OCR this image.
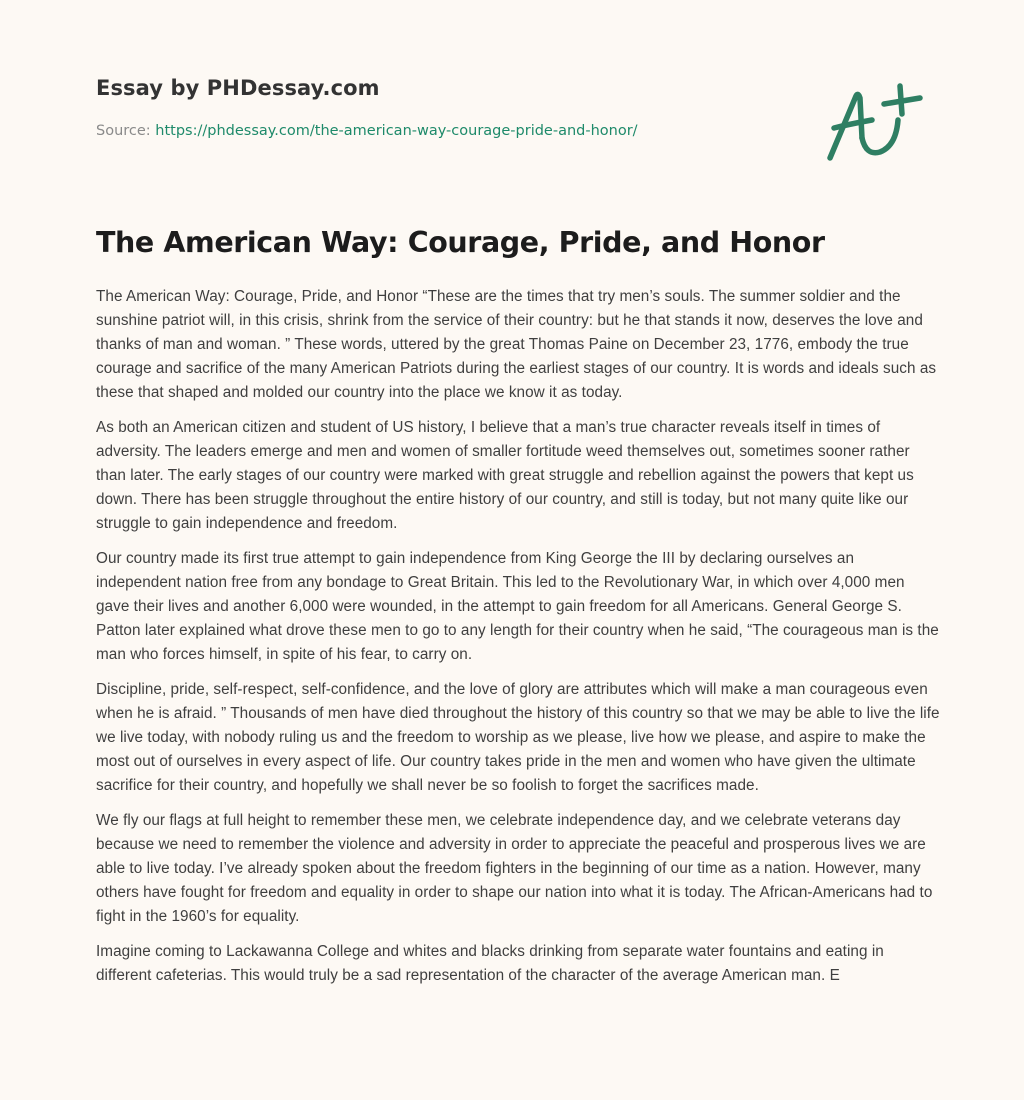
Essay by PHDessay.com
Source: https://phdessay.com/the-american-way-courage-pride-and-honor/
The American Way: Courage, Pride, and Honor

The American Way: Courage, Pride, and Honor “These are the times that try men’s souls. The summer soldier and the sunshine patriot will, in this crisis, shrink from the service of their country: but he that stands it now, deserves the love and thanks of man and woman. ” These words, uttered by the great Thomas Paine on December 23, 1776, embody the true courage and sacrifice of the many American Patriots during the earliest stages of our country. It is words and ideals such as these that shaped and molded our country into the place we know it as today.

As both an American citizen and student of US history, I believe that a man’s true character reveals itself in times of adversity. The leaders emerge and men and women of smaller fortitude weed themselves out, sometimes sooner rather than later. The early stages of our country were marked with great struggle and rebellion against the powers that kept us down. There has been struggle throughout the entire history of our country, and still is today, but not many quite like our struggle to gain independence and freedom.

Our country made its first true attempt to gain independence from King George the III by declaring ourselves an independent nation free from any bondage to Great Britain. This led to the Revolutionary War, in which over 4,000 men gave their lives and another 6,000 were wounded, in the attempt to gain freedom for all Americans. General George S. Patton later explained what drove these men to go to any length for their country when he said, “The courageous man is the man who forces himself, in spite of his fear, to carry on.

Discipline, pride, self-respect, self-confidence, and the love of glory are attributes which will make a man courageous even when he is afraid. ” Thousands of men have died throughout the history of this country so that we may be able to live the life we live today, with nobody ruling us and the freedom to worship as we please, live how we please, and aspire to make the most out of ourselves in every aspect of life. Our country takes pride in the men and women who have given the ultimate sacrifice for their country, and hopefully we shall never be so foolish to forget the sacrifices made.

We fly our flags at full height to remember these men, we celebrate independence day, and we celebrate veterans day because we need to remember the violence and adversity in order to appreciate the peaceful and prosperous lives we are able to live today. I’ve already spoken about the freedom fighters in the beginning of our time as a nation. However, many others have fought for freedom and equality in order to shape our nation into what it is today. The African-Americans had to fight in the 1960’s for equality.

Imagine coming to Lackawanna College and whites and blacks drinking from separate water fountains and eating in different cafeterias. This would truly be a sad representation of the character of the average American man. E
